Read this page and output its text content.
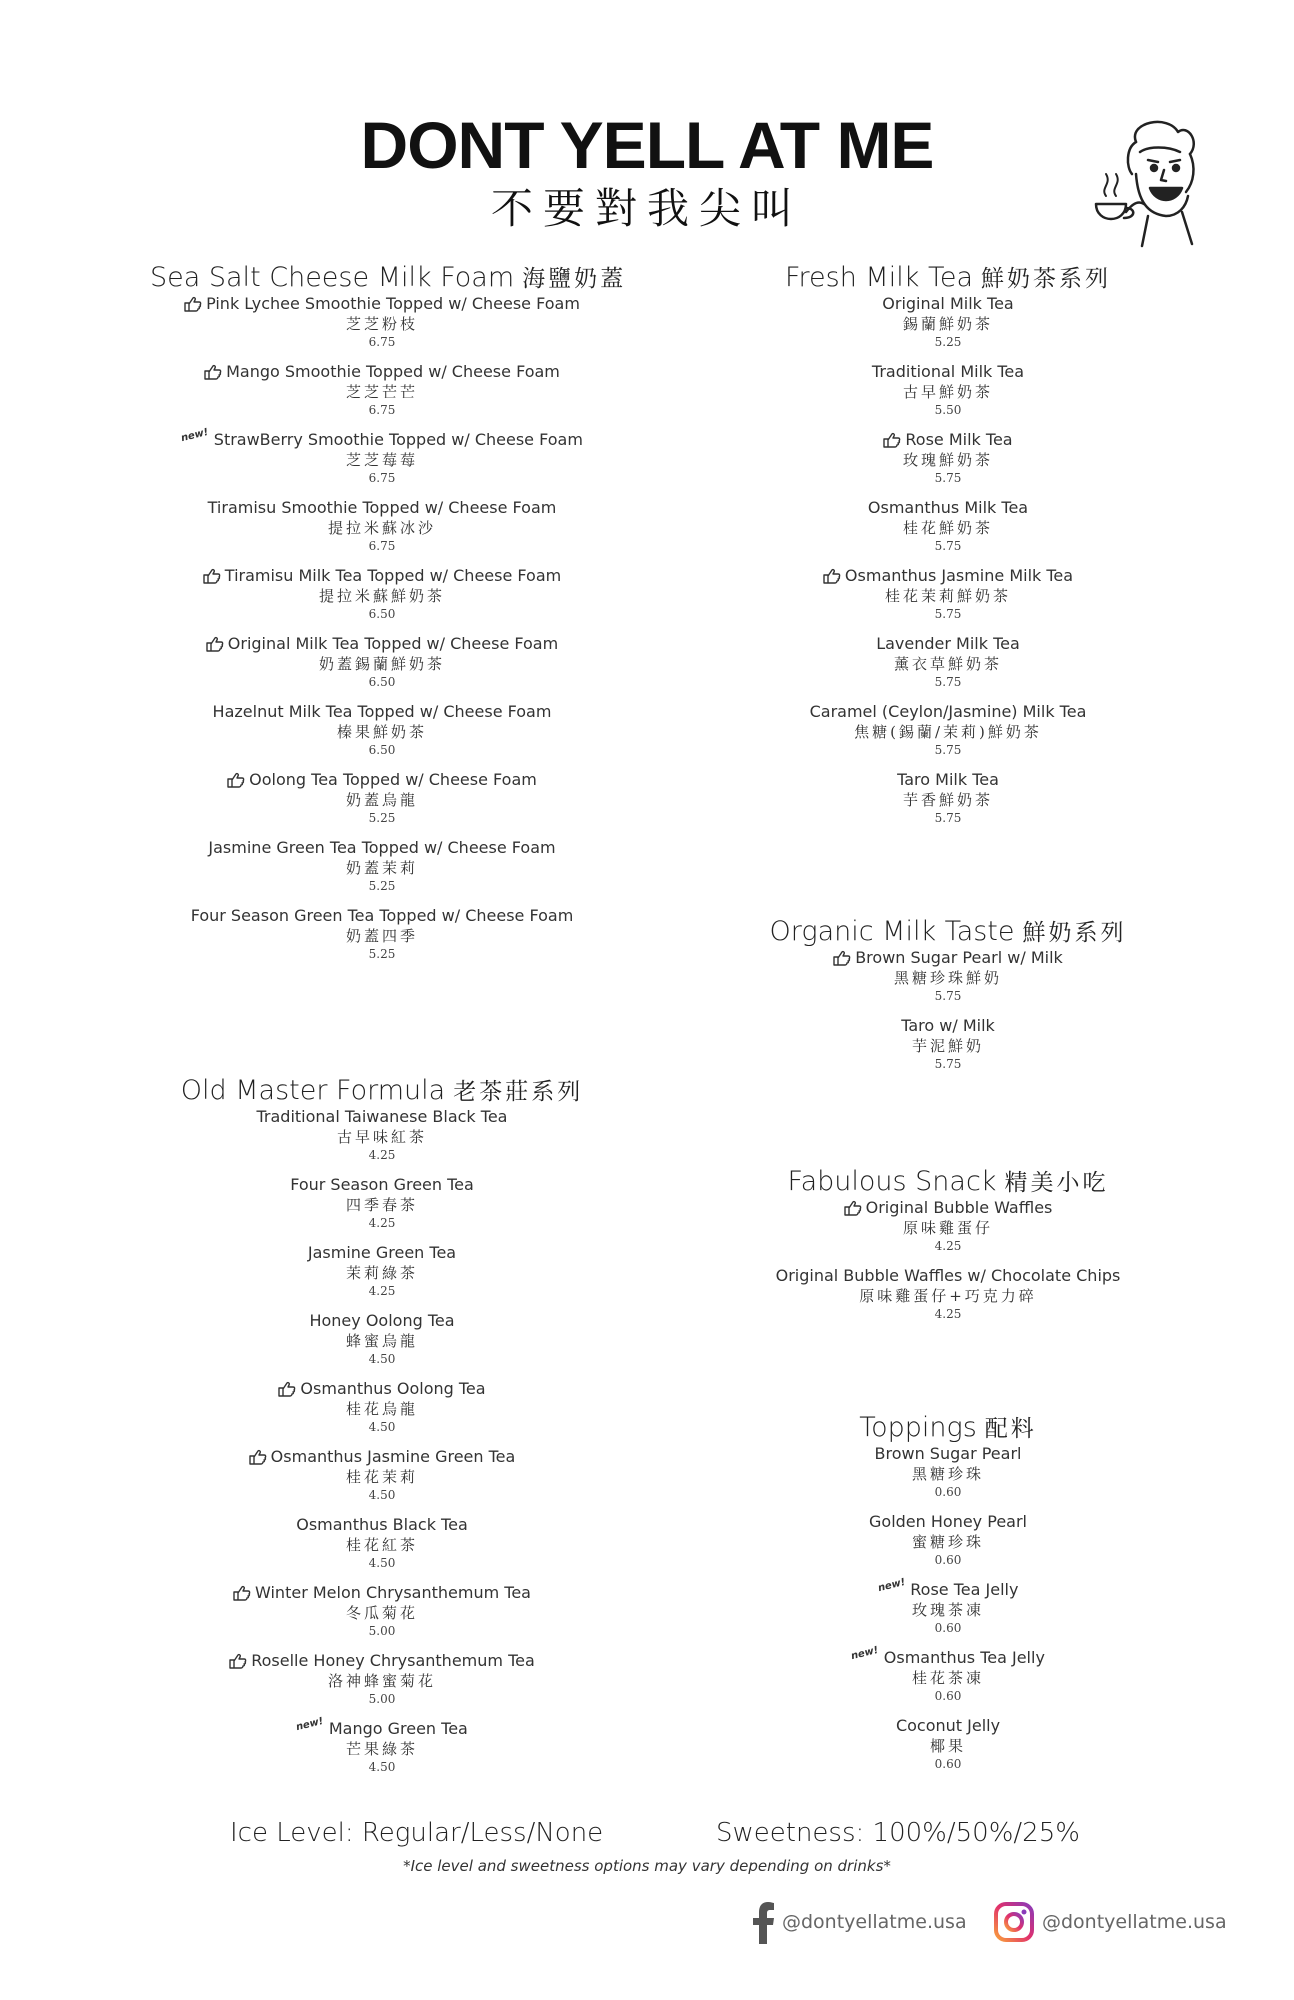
DONT YELL AT ME
不要對我尖叫
Sea Salt Cheese Milk Foam 海鹽奶蓋
Pink Lychee Smoothie Topped w/ Cheese Foam
芝芝粉枝
6.75
Mango Smoothie Topped w/ Cheese Foam
芝芝芒芒
6.75
new! StrawBerry Smoothie Topped w/ Cheese Foam
芝芝莓莓
6.75
Tiramisu Smoothie Topped w/ Cheese Foam
提拉米蘇冰沙
6.75
Tiramisu Milk Tea Topped w/ Cheese Foam
提拉米蘇鮮奶茶
6.50
Original Milk Tea Topped w/ Cheese Foam
奶蓋錫蘭鮮奶茶
6.50
Hazelnut Milk Tea Topped w/ Cheese Foam
榛果鮮奶茶
6.50
Oolong Tea Topped w/ Cheese Foam
奶蓋烏龍
5.25
Jasmine Green Tea Topped w/ Cheese Foam
奶蓋茉莉
5.25
Four Season Green Tea Topped w/ Cheese Foam
奶蓋四季
5.25
Old Master Formula 老茶莊系列
Traditional Taiwanese Black Tea
古早味紅茶
4.25
Four Season Green Tea
四季春茶
4.25
Jasmine Green Tea
茉莉綠茶
4.25
Honey Oolong Tea
蜂蜜烏龍
4.50
Osmanthus Oolong Tea
桂花烏龍
4.50
Osmanthus Jasmine Green Tea
桂花茉莉
4.50
Osmanthus Black Tea
桂花紅茶
4.50
Winter Melon Chrysanthemum Tea
冬瓜菊花
5.00
Roselle Honey Chrysanthemum Tea
洛神蜂蜜菊花
5.00
new! Mango Green Tea
芒果綠茶
4.50
Fresh Milk Tea 鮮奶茶系列
Original Milk Tea
錫蘭鮮奶茶
5.25
Traditional Milk Tea
古早鮮奶茶
5.50
Rose Milk Tea
玫瑰鮮奶茶
5.75
Osmanthus Milk Tea
桂花鮮奶茶
5.75
Osmanthus Jasmine Milk Tea
桂花茉莉鮮奶茶
5.75
Lavender Milk Tea
薰衣草鮮奶茶
5.75
Caramel (Ceylon/Jasmine) Milk Tea
焦糖(錫蘭/茉莉)鮮奶茶
5.75
Taro Milk Tea
芋香鮮奶茶
5.75
Organic Milk Taste 鮮奶系列
Brown Sugar Pearl w/ Milk
黑糖珍珠鮮奶
5.75
Taro w/ Milk
芋泥鮮奶
5.75
Fabulous Snack 精美小吃
Original Bubble Waffles
原味雞蛋仔
4.25
Original Bubble Waffles w/ Chocolate Chips
原味雞蛋仔+巧克力碎
4.25
Toppings 配料
Brown Sugar Pearl
黑糖珍珠
0.60
Golden Honey Pearl
蜜糖珍珠
0.60
new! Rose Tea Jelly
玫瑰茶凍
0.60
new! Osmanthus Tea Jelly
桂花茶凍
0.60
Coconut Jelly
椰果
0.60
Ice Level: Regular/Less/None	Sweetness: 100%/50%/25%
*Ice level and sweetness options may vary depending on drinks*
@dontyellatme.usa	@dontyellatme.usa
